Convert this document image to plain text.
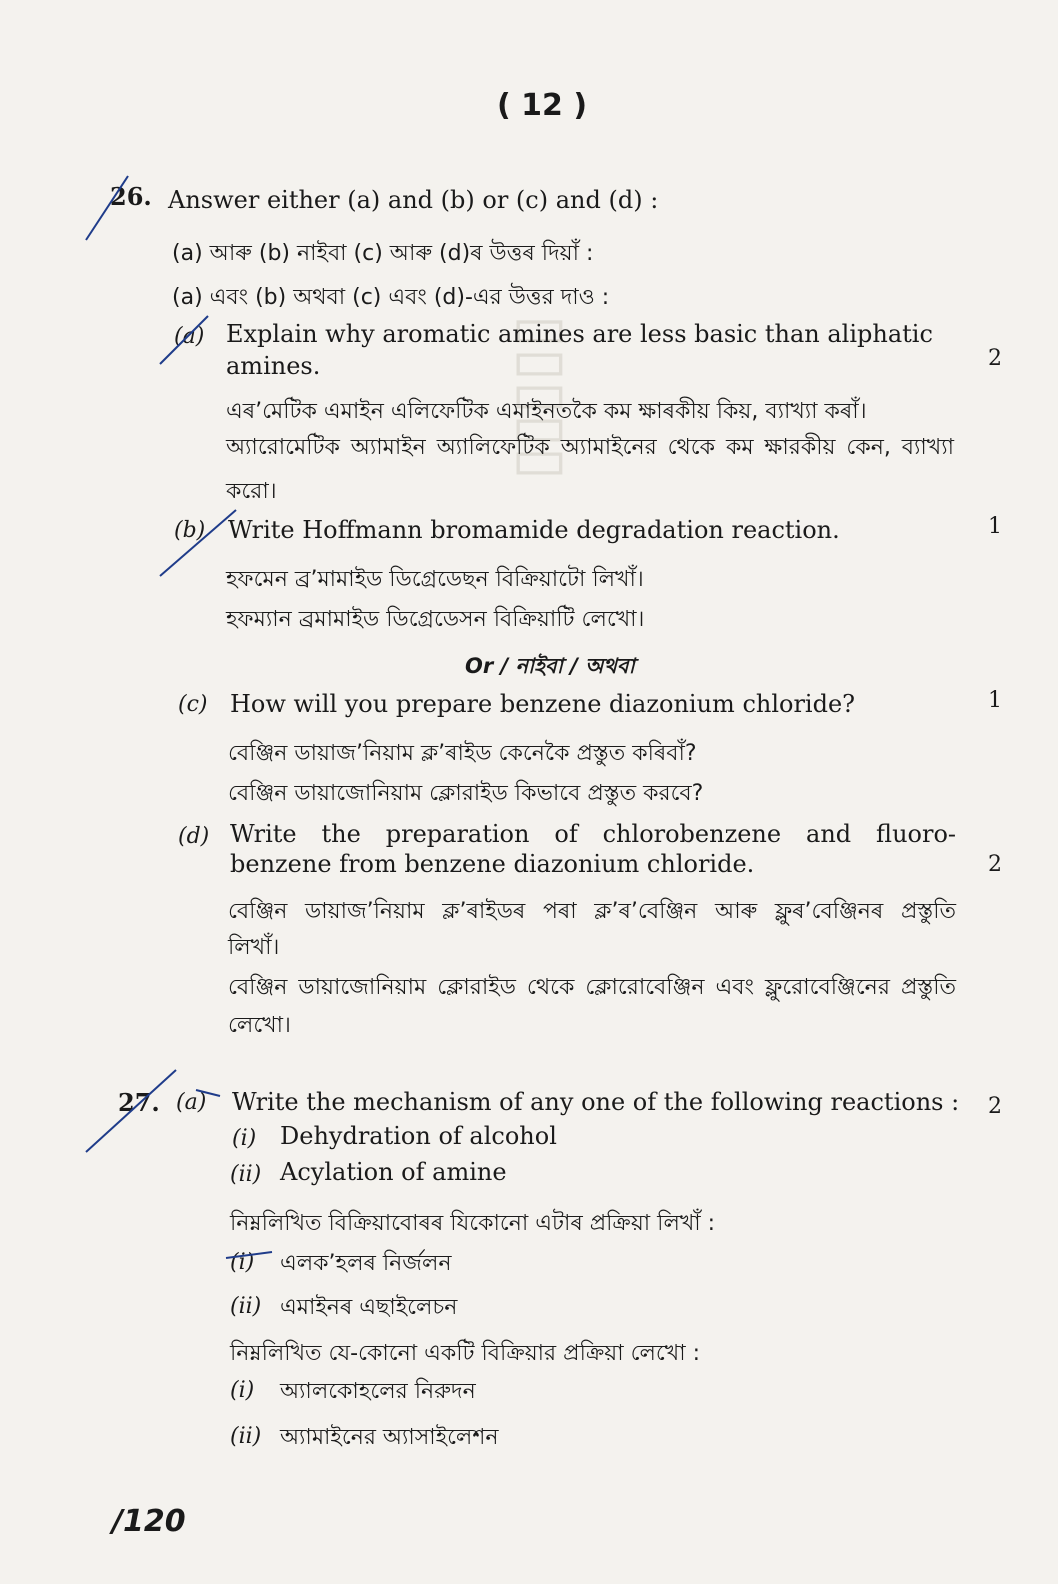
▯▯▯▯▯
( 12 )
26. Answer either (a) and (b) or (c) and (d) :
(a) আৰু (b) নাইবা (c) আৰু (d)ৰ উত্তৰ দিয়াঁ :
(a) এবং (b) অথবা (c) এবং (d)-এর উত্তর দাও :
(a) Explain why aromatic amines are less basic than aliphatic
amines.	2
এৰ’মেটিক এমাইন এলিফেটিক এমাইনতকৈ কম ক্ষাৰকীয় কিয়, ব্যাখ্যা কৰাঁ।
অ্যারোমেটিক অ্যামাইন অ্যালিফেটিক অ্যামাইনের থেকে কম ক্ষারকীয় কেন, ব্যাখ্যা
করো।
(b) Write Hoffmann bromamide degradation reaction.	1
হফমেন ব্ৰ’মামাইড ডিগ্ৰেডেছন বিক্ৰিয়াটো লিখাঁ।
হফম্যান ব্রমামাইড ডিগ্রেডেসন বিক্রিয়াটি লেখো।
Or / নাইবা / অথবা
(c) How will you prepare benzene diazonium chloride?	1
বেঞ্জিন ডায়াজ’নিয়াম ক্ল’ৰাইড কেনেকৈ প্ৰস্তুত কৰিবাঁ?
বেঞ্জিন ডায়াজোনিয়াম ক্লোরাইড কিভাবে প্রস্তুত করবে?
(d) Write the preparation of chlorobenzene and fluoro-
benzene from benzene diazonium chloride.	2
বেঞ্জিন ডায়াজ’নিয়াম ক্ল’ৰাইডৰ পৰা ক্ল’ৰ’বেঞ্জিন আৰু ফ্লুৰ’বেঞ্জিনৰ প্ৰস্তুতি
লিখাঁ।
বেঞ্জিন ডায়াজোনিয়াম ক্লোরাইড থেকে ক্লোরোবেঞ্জিন এবং ফ্লুরোবেঞ্জিনের প্রস্তুতি
লেখো।
27. (a) Write the mechanism of any one of the following reactions : 2
(i) Dehydration of alcohol
(ii) Acylation of amine
নিম্নলিখিত বিক্ৰিয়াবোৰৰ যিকোনো এটাৰ প্ৰক্ৰিয়া লিখাঁ :
(i) এলক’হলৰ নিৰ্জলন
(ii) এমাইনৰ এছাইলেচন
নিম্নলিখিত যে-কোনো একটি বিক্রিয়ার প্রক্রিয়া লেখো :
(i) অ্যালকোহলের নিরুদন
(ii) অ্যামাইনের অ্যাসাইলেশন
/120
